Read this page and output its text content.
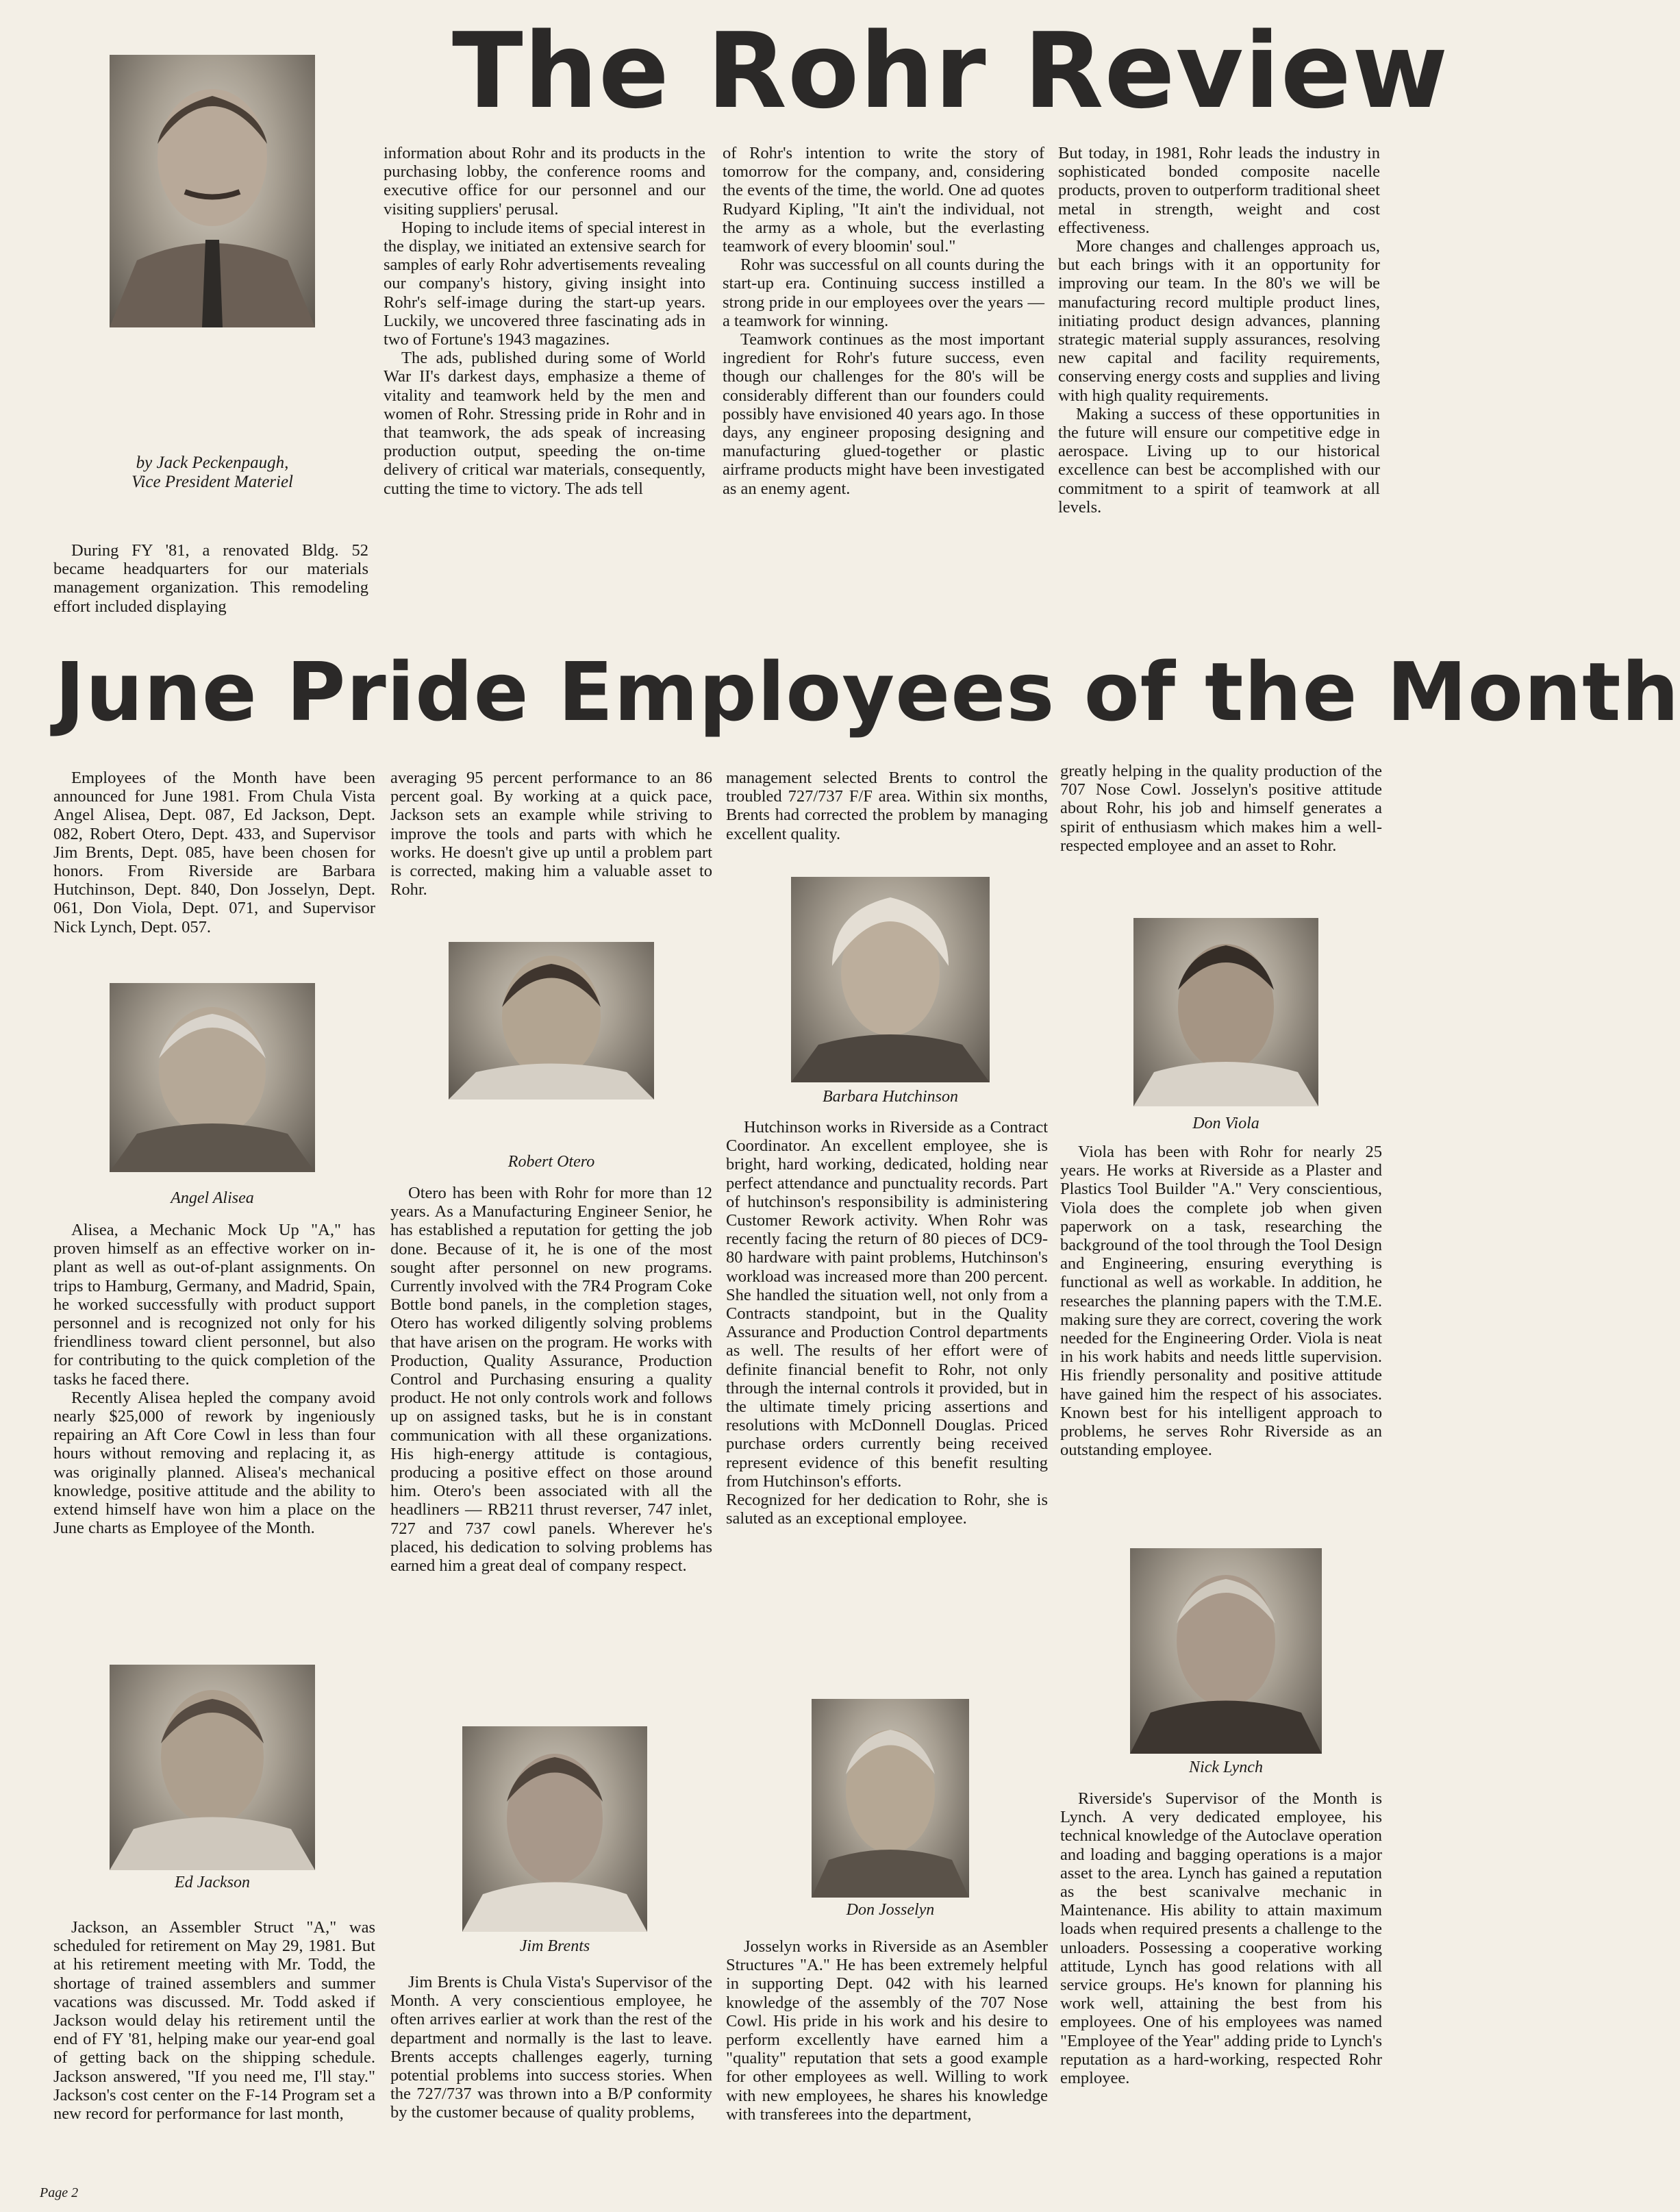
The Rohr Review
by Jack Peckenpaugh,
Vice President Materiel

During FY '81, a renovated Bldg. 52 became headquarters for our materials management organization. This remodeling effort included displaying

information about Rohr and its products in the purchasing lobby, the conference rooms and executive office for our personnel and our visiting suppliers' perusal.

Hoping to include items of special interest in the display, we initiated an extensive search for samples of early Rohr advertisements revealing our company's history, giving insight into Rohr's self-image during the start-up years. Luckily, we uncovered three fascinating ads in two of Fortune's 1943 magazines.

The ads, published during some of World War II's darkest days, emphasize a theme of vitality and teamwork held by the men and women of Rohr. Stressing pride in Rohr and in that teamwork, the ads speak of increasing production output, speeding the on-time delivery of critical war materials, consequently, cutting the time to victory. The ads tell

of Rohr's intention to write the story of tomorrow for the company, and, considering the events of the time, the world. One ad quotes Rudyard Kipling, "It ain't the individual, not the army as a whole, but the everlasting teamwork of every bloomin' soul."

Rohr was successful on all counts during the start-up era. Continuing success instilled a strong pride in our employees over the years — a teamwork for winning.

Teamwork continues as the most important ingredient for Rohr's future success, even though our challenges for the 80's will be considerably different than our founders could possibly have envisioned 40 years ago. In those days, any engineer proposing designing and manufacturing glued-together or plastic airframe products might have been investigated as an enemy agent.

But today, in 1981, Rohr leads the industry in sophisticated bonded composite nacelle products, proven to outperform traditional sheet metal in strength, weight and cost effectiveness.

More changes and challenges approach us, but each brings with it an opportunity for improving our team. In the 80's we will be manufacturing record multiple product lines, initiating product design advances, planning strategic material supply assurances, resolving new capital and facility requirements, conserving energy costs and supplies and living with high quality requirements.

Making a success of these opportunities in the future will ensure our competitive edge in aerospace. Living up to our historical excellence can best be accomplished with our commitment to a spirit of teamwork at all levels.

June Pride Employees of the Month

Employees of the Month have been announced for June 1981. From Chula Vista Angel Alisea, Dept. 087, Ed Jackson, Dept. 082, Robert Otero, Dept. 433, and Supervisor Jim Brents, Dept. 085, have been chosen for honors. From Riverside are Barbara Hutchinson, Dept. 840, Don Josselyn, Dept. 061, Don Viola, Dept. 071, and Supervisor Nick Lynch, Dept. 057.

Angel Alisea

Alisea, a Mechanic Mock Up "A," has proven himself as an effective worker on in-plant as well as out-of-plant assignments. On trips to Hamburg, Germany, and Madrid, Spain, he worked successfully with product support personnel and is recognized not only for his friendliness toward client personnel, but also for contributing to the quick completion of the tasks he faced there.

Recently Alisea hepled the company avoid nearly $25,000 of rework by ingeniously repairing an Aft Core Cowl in less than four hours without removing and replacing it, as was originally planned. Alisea's mechanical knowledge, positive attitude and the ability to extend himself have won him a place on the June charts as Employee of the Month.

Ed Jackson

Jackson, an Assembler Struct "A," was scheduled for retirement on May 29, 1981. But at his retirement meeting with Mr. Todd, the shortage of trained assemblers and summer vacations was discussed. Mr. Todd asked if Jackson would delay his retirement until the end of FY '81, helping make our year-end goal of getting back on the shipping schedule. Jackson answered, "If you need me, I'll stay." Jackson's cost center on the F-14 Program set a new record for performance for last month,

averaging 95 percent performance to an 86 percent goal. By working at a quick pace, Jackson sets an example while striving to improve the tools and parts with which he works. He doesn't give up until a problem part is corrected, making him a valuable asset to Rohr.

Robert Otero

Otero has been with Rohr for more than 12 years. As a Manufacturing Engineer Senior, he has established a reputation for getting the job done. Because of it, he is one of the most sought after personnel on new programs. Currently involved with the 7R4 Program Coke Bottle bond panels, in the completion stages, Otero has worked diligently solving problems that have arisen on the program. He works with Production, Quality Assurance, Production Control and Purchasing ensuring a quality product. He not only controls work and follows up on assigned tasks, but he is in constant communication with all these organizations. His high-energy attitude is contagious, producing a positive effect on those around him. Otero's been associated with all the headliners — RB211 thrust reverser, 747 inlet, 727 and 737 cowl panels. Wherever he's placed, his dedication to solving problems has earned him a great deal of company respect.

Jim Brents

Jim Brents is Chula Vista's Supervisor of the Month. A very conscientious employee, he often arrives earlier at work than the rest of the department and normally is the last to leave. Brents accepts challenges eagerly, turning potential problems into success stories. When the 727/737 was thrown into a B/P conformity by the customer because of quality problems,

management selected Brents to control the troubled 727/737 F/F area. Within six months, Brents had corrected the problem by managing excellent quality.

Barbara Hutchinson

Hutchinson works in Riverside as a Contract Coordinator. An excellent employee, she is bright, hard working, dedicated, holding near perfect attendance and punctuality records. Part of hutchinson's responsibility is administering Customer Rework activity. When Rohr was recently facing the return of 80 pieces of DC9-80 hardware with paint problems, Hutchinson's workload was increased more than 200 percent. She handled the situation well, not only from a Contracts standpoint, but in the Quality Assurance and Production Control departments as well. The results of her effort were of definite financial benefit to Rohr, not only through the internal controls it provided, but in the ultimate timely pricing assertions and resolutions with McDonnell Douglas. Priced purchase orders currently being received represent evidence of this benefit resulting from Hutchinson's efforts.

Recognized for her dedication to Rohr, she is saluted as an exceptional employee.

Don Josselyn

Josselyn works in Riverside as an Asembler Structures "A." He has been extremely helpful in supporting Dept. 042 with his learned knowledge of the assembly of the 707 Nose Cowl. His pride in his work and his desire to perform excellently have earned him a "quality" reputation that sets a good example for other employees as well. Willing to work with new employees, he shares his knowledge with transferees into the department,

greatly helping in the quality production of the 707 Nose Cowl. Josselyn's positive attitude about Rohr, his job and himself generates a spirit of enthusiasm which makes him a well-respected employee and an asset to Rohr.

Don Viola

Viola has been with Rohr for nearly 25 years. He works at Riverside as a Plaster and Plastics Tool Builder "A." Very conscientious, Viola does the complete job when given paperwork on a task, researching the background of the tool through the Tool Design and Engineering, ensuring everything is functional as well as workable. In addition, he researches the planning papers with the T.M.E. making sure they are correct, covering the work needed for the Engineering Order. Viola is neat in his work habits and needs little supervision. His friendly personality and positive attitude have gained him the respect of his associates. Known best for his intelligent approach to problems, he serves Rohr Riverside as an outstanding employee.

Nick Lynch

Riverside's Supervisor of the Month is Lynch. A very dedicated employee, his technical knowledge of the Autoclave operation and loading and bagging operations is a major asset to the area. Lynch has gained a reputation as the best scanivalve mechanic in Maintenance. His ability to attain maximum loads when required presents a challenge to the unloaders. Possessing a cooperative working attitude, Lynch has good relations with all service groups. He's known for planning his work well, attaining the best from his employees. One of his employees was named "Employee of the Year" adding pride to Lynch's reputation as a hard-working, respected Rohr employee.

Page 2
